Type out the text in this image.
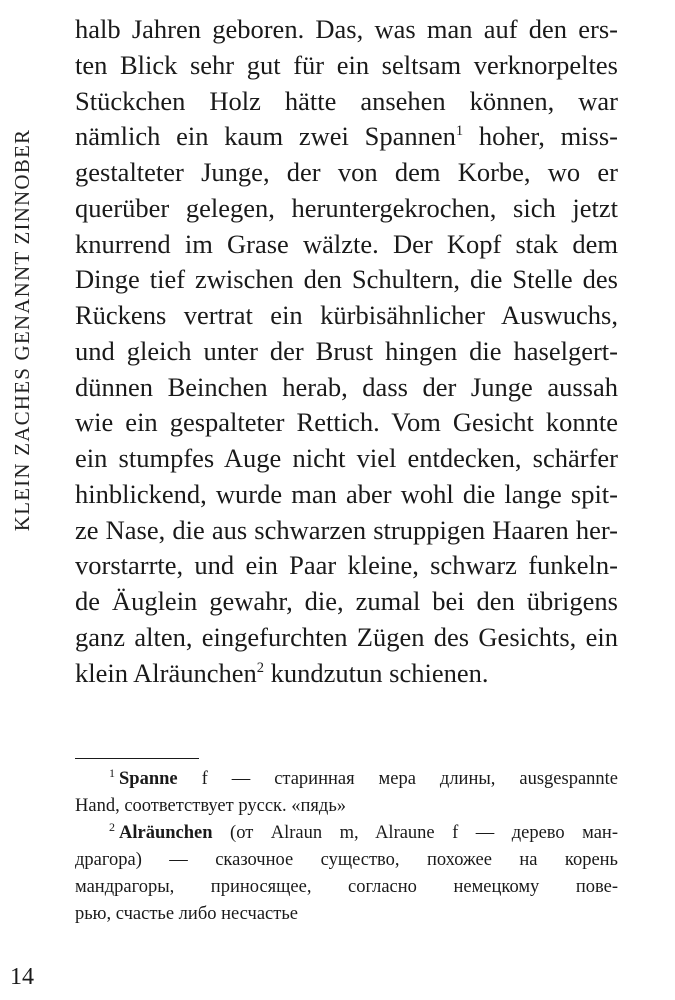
KLEIN ZACHES GENANNT ZINNOBER
halb Jahren geboren. Das, was man auf den ers-
ten Blick sehr gut für ein seltsam verknorpeltes
Stückchen Holz hätte ansehen können, war
nämlich ein kaum zwei Spannen$^1$ hoher, miss-
gestalteter Junge, der von dem Korbe, wo er
querüber gelegen, heruntergekrochen, sich jetzt
knurrend im Grase wälzte. Der Kopf stak dem
Dinge tief zwischen den Schultern, die Stelle des
Rückens vertrat ein kürbisähnlicher Auswuchs,
und gleich unter der Brust hingen die haselgert-
dünnen Beinchen herab, dass der Junge aussah
wie ein gespalteter Rettich. Vom Gesicht konnte
ein stumpfes Auge nicht viel entdecken, schärfer
hinblickend, wurde man aber wohl die lange spit-
ze Nase, die aus schwarzen struppigen Haaren her-
vorstarrte, und ein Paar kleine, schwarz funkeln-
de Äuglein gewahr, die, zumal bei den übrigens
ganz alten, eingefurchten Zügen des Gesichts, ein
klein Alräunchen$^2$ kundzutun schienen.
$^1$ Spanne f — старинная мера длины, ausgespannte
Hand, соответствует русск. «пядь»
$^2$ Alräunchen (от Alraun m, Alraune f — дерево ман-
драгора) — сказочное существо, похожее на корень
мандрагоры, приносящее, согласно немецкому пове-
рью, счастье либо несчастье
14
